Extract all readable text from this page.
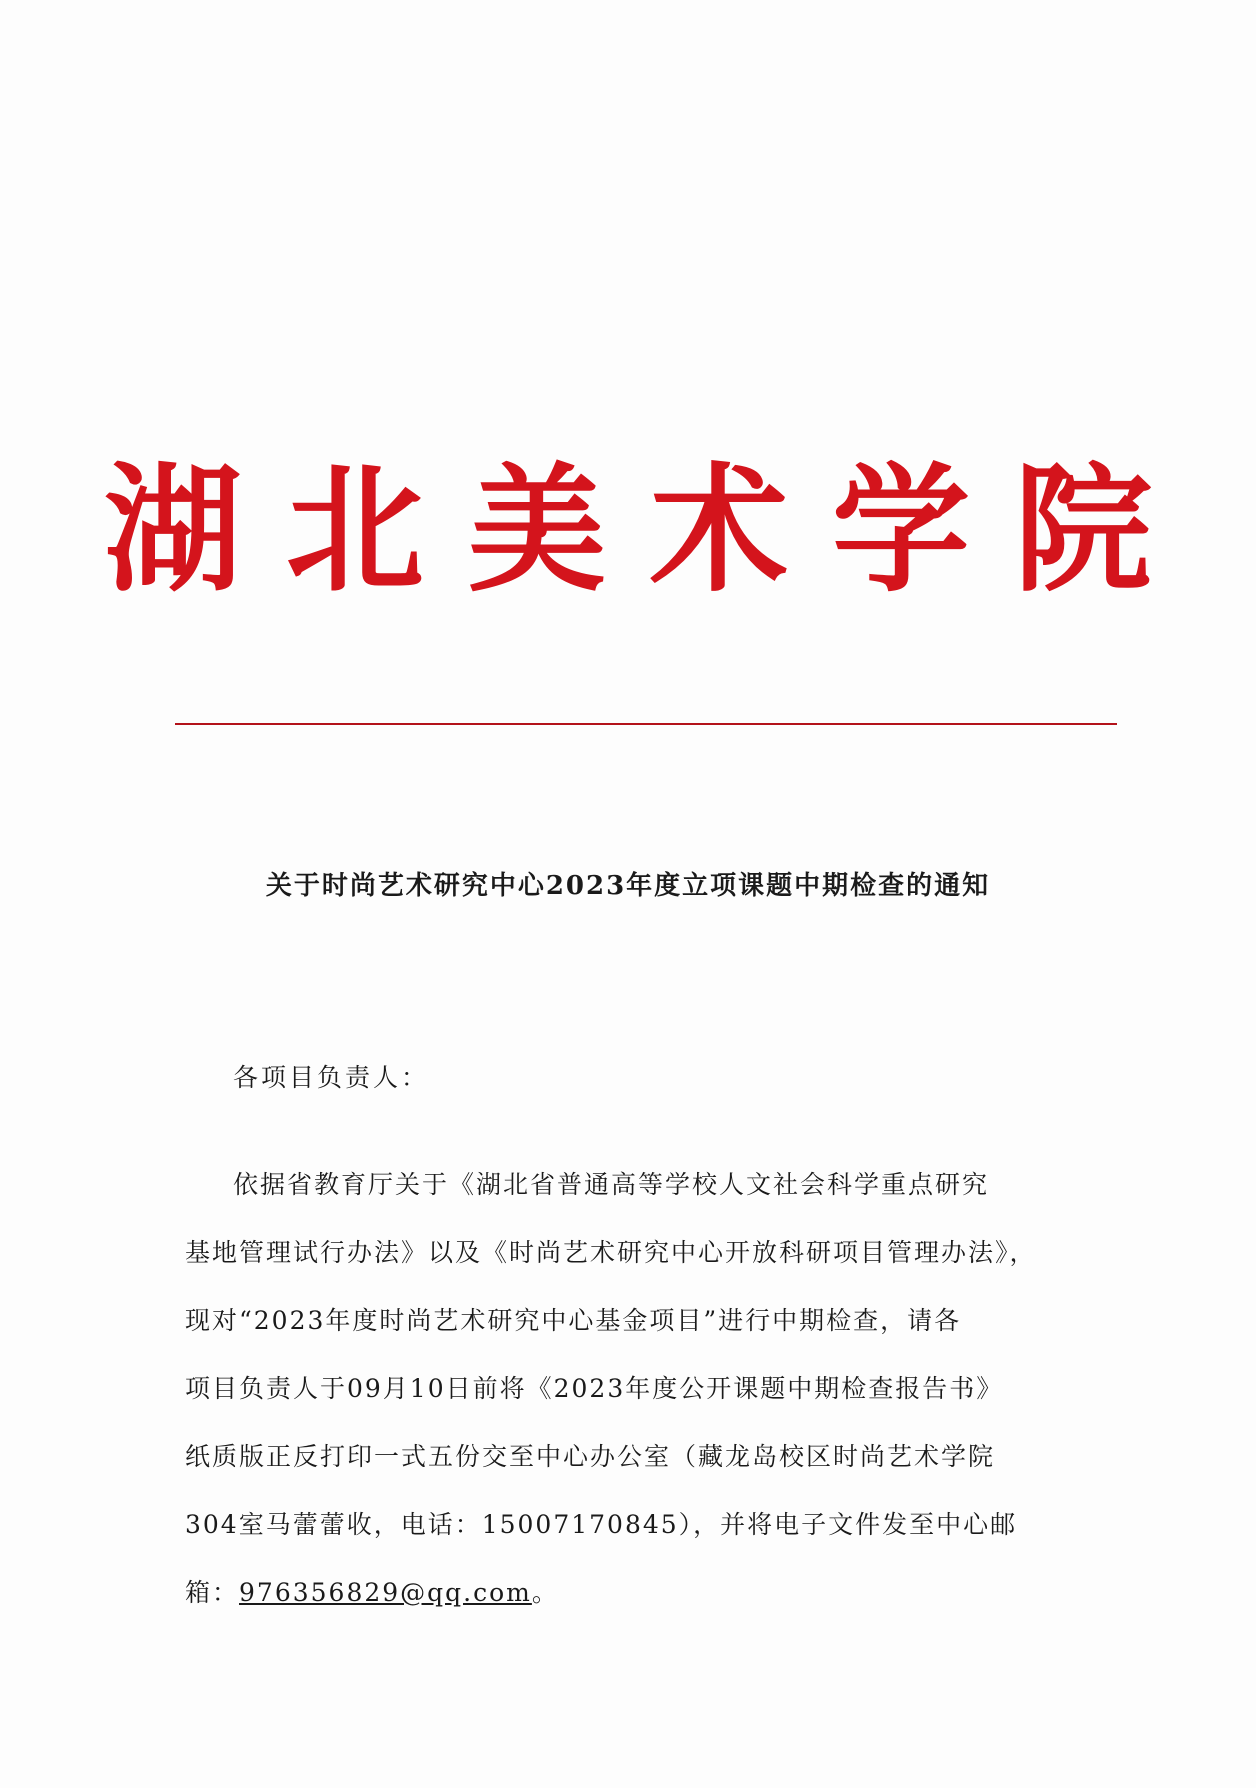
湖北美术学院
关于时尚艺术研究中心2023年度立项课题中期检查的通知
各项目负责人：
依据省教育厅关于《湖北省普通高等学校人文社会科学重点研究
基地管理试行办法》以及《时尚艺术研究中心开放科研项目管理办法》，
现对“2023年度时尚艺术研究中心基金项目”进行中期检查，请各
项目负责人于09月10日前将《2023年度公开课题中期检查报告书》
纸质版正反打印一式五份交至中心办公室（藏龙岛校区时尚艺术学院
304室马蕾蕾收，电话：15007170845），并将电子文件发至中心邮
箱：976356829@qq.com。
